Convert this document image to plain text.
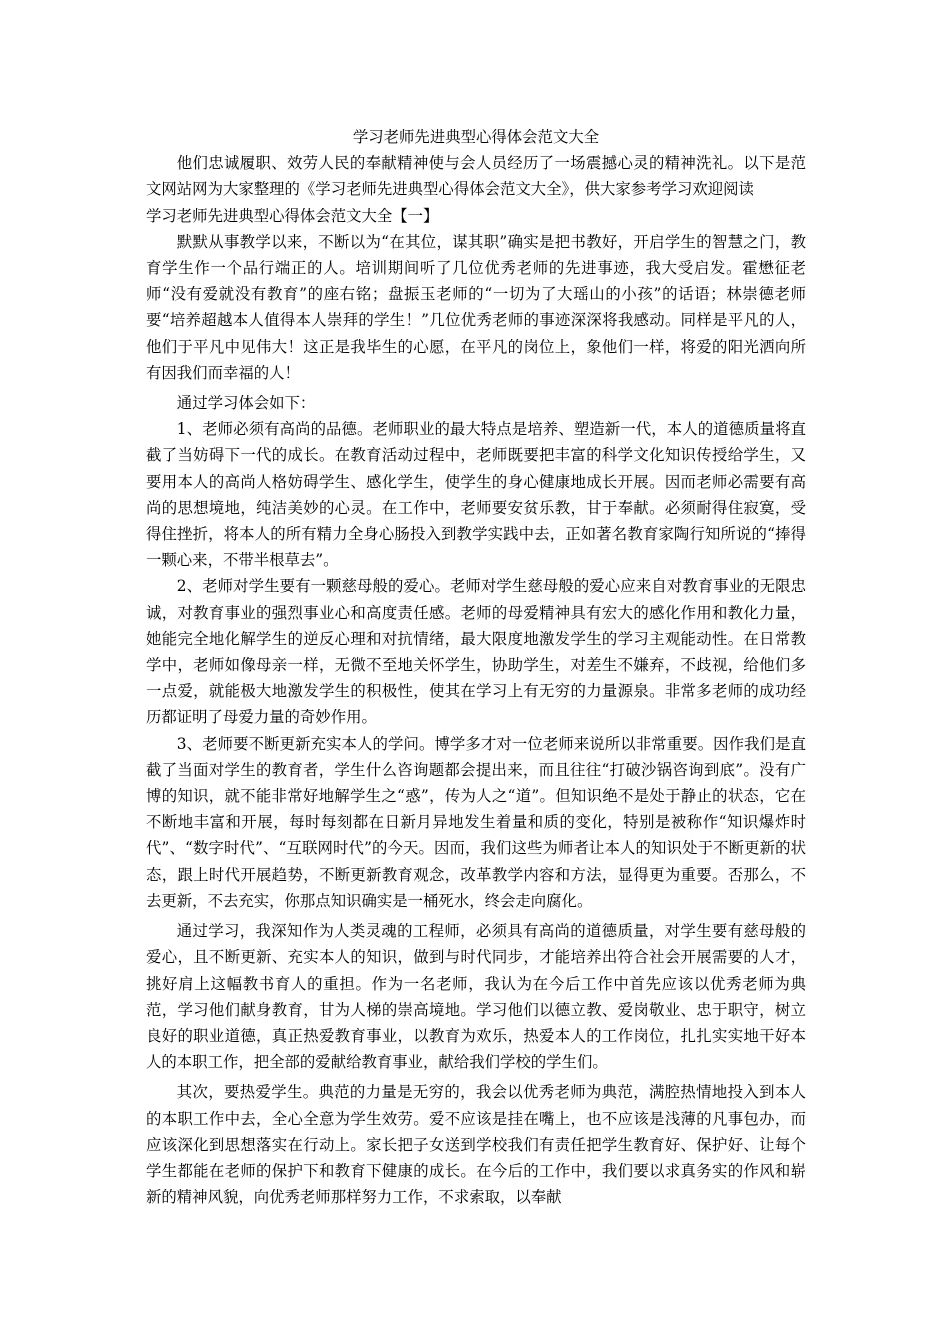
学习老师先进典型心得体会范文大全

他们忠诚履职、效劳人民的奉献精神使与会人员经历了一场震撼心灵的精神洗礼。以下是范文网站网为大家整理的《学习老师先进典型心得体会范文大全》，供大家参考学习欢迎阅读

学习老师先进典型心得体会范文大全【一】

默默从事教学以来，不断以为“在其位，谋其职”确实是把书教好，开启学生的智慧之门，教育学生作一个品行端正的人。培训期间听了几位优秀老师的先进事迹，我大受启发。霍懋征老师“没有爱就没有教育”的座右铭；盘振玉老师的“一切为了大瑶山的小孩”的话语；林崇德老师要“培养超越本人值得本人崇拜的学生！”几位优秀老师的事迹深深将我感动。同样是平凡的人，他们于平凡中见伟大！这正是我毕生的心愿，在平凡的岗位上，象他们一样，将爱的阳光洒向所有因我们而幸福的人！

通过学习体会如下：

1、老师必须有高尚的品德。老师职业的最大特点是培养、塑造新一代，本人的道德质量将直截了当妨碍下一代的成长。在教育活动过程中，老师既要把丰富的科学文化知识传授给学生，又要用本人的高尚人格妨碍学生、感化学生，使学生的身心健康地成长开展。因而老师必需要有高尚的思想境地，纯洁美妙的心灵。在工作中，老师要安贫乐教，甘于奉献。必须耐得住寂寞，受得住挫折，将本人的所有精力全身心肠投入到教学实践中去，正如著名教育家陶行知所说的“捧得一颗心来，不带半根草去”。

2、老师对学生要有一颗慈母般的爱心。老师对学生慈母般的爱心应来自对教育事业的无限忠诚，对教育事业的强烈事业心和高度责任感。老师的母爱精神具有宏大的感化作用和教化力量，她能完全地化解学生的逆反心理和对抗情绪，最大限度地激发学生的学习主观能动性。在日常教学中，老师如像母亲一样，无微不至地关怀学生，协助学生，对差生不嫌弃，不歧视，给他们多一点爱，就能极大地激发学生的积极性，使其在学习上有无穷的力量源泉。非常多老师的成功经历都证明了母爱力量的奇妙作用。

3、老师要不断更新充实本人的学问。博学多才对一位老师来说所以非常重要。因作我们是直截了当面对学生的教育者，学生什么咨询题都会提出来，而且往往“打破沙锅咨询到底”。没有广博的知识，就不能非常好地解学生之“惑”，传为人之“道”。但知识绝不是处于静止的状态，它在不断地丰富和开展，每时每刻都在日新月异地发生着量和质的变化，特别是被称作“知识爆炸时代”、“数字时代”、“互联网时代”的今天。因而，我们这些为师者让本人的知识处于不断更新的状态，跟上时代开展趋势，不断更新教育观念，改革教学内容和方法，显得更为重要。否那么，不去更新，不去充实，你那点知识确实是一桶死水，终会走向腐化。

通过学习，我深知作为人类灵魂的工程师，必须具有高尚的道德质量，对学生要有慈母般的爱心，且不断更新、充实本人的知识，做到与时代同步，才能培养出符合社会开展需要的人才，挑好肩上这幅教书育人的重担。作为一名老师，我认为在今后工作中首先应该以优秀老师为典范，学习他们献身教育，甘为人梯的崇高境地。学习他们以德立教、爱岗敬业、忠于职守，树立良好的职业道德，真正热爱教育事业，以教育为欢乐，热爱本人的工作岗位，扎扎实实地干好本人的本职工作，把全部的爱献给教育事业，献给我们学校的学生们。

其次，要热爱学生。典范的力量是无穷的，我会以优秀老师为典范，满腔热情地投入到本人的本职工作中去，全心全意为学生效劳。爱不应该是挂在嘴上，也不应该是浅薄的凡事包办，而应该深化到思想落实在行动上。家长把子女送到学校我们有责任把学生教育好、保护好、让每个学生都能在老师的保护下和教育下健康的成长。在今后的工作中，我们要以求真务实的作风和崭新的精神风貌，向优秀老师那样努力工作，不求索取，以奉献
